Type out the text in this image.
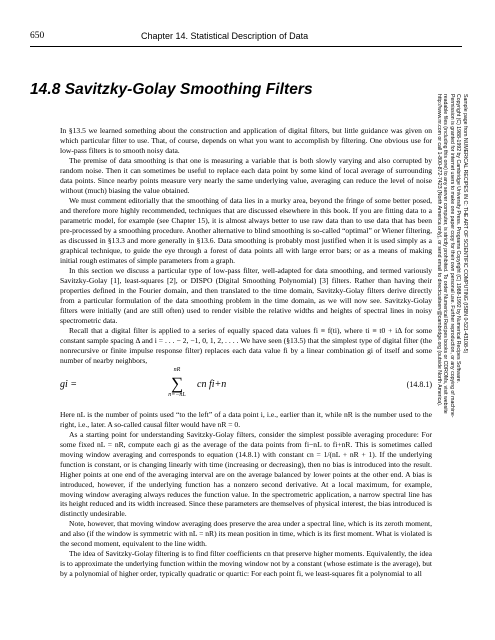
650	Chapter 14. Statistical Description of Data
14.8 Savitzky-Golay Smoothing Filters

In §13.5 we learned something about the construction and application of digital filters, but little guidance was given on which particular filter to use. That, of course, depends on what you want to accomplish by filtering. One obvious use for low-pass filters is to smooth noisy data.

The premise of data smoothing is that one is measuring a variable that is both slowly varying and also corrupted by random noise. Then it can sometimes be useful to replace each data point by some kind of local average of surrounding data points. Since nearby points measure very nearly the same underlying value, averaging can reduce the level of noise without (much) biasing the value obtained.

We must comment editorially that the smoothing of data lies in a murky area, beyond the fringe of some better posed, and therefore more highly recommended, techniques that are discussed elsewhere in this book. If you are fitting data to a parametric model, for example (see Chapter 15), it is almost always better to use raw data than to use data that has been pre-processed by a smoothing procedure. Another alternative to blind smoothing is so-called “optimal” or Wiener filtering, as discussed in §13.3 and more generally in §13.6. Data smoothing is probably most justified when it is used simply as a graphical technique, to guide the eye through a forest of data points all with large error bars; or as a means of making initial rough estimates of simple parameters from a graph.

In this section we discuss a particular type of low-pass filter, well-adapted for data smoothing, and termed variously Savitzky-Golay [1], least-squares [2], or DISPO (Digital Smoothing Polynomial) [3] filters. Rather than having their properties defined in the Fourier domain, and then translated to the time domain, Savitzky-Golay filters derive directly from a particular formulation of the data smoothing problem in the time domain, as we will now see. Savitzky-Golay filters were initially (and are still often) used to render visible the relative widths and heights of spectral lines in noisy spectrometric data.

Recall that a digital filter is applied to a series of equally spaced data values fi ≡ f(ti), where ti ≡ t0 + iΔ for some constant sample spacing Δ and i = . . . − 2, −1, 0, 1, 2, . . . . We have seen (§13.5) that the simplest type of digital filter (the nonrecursive or finite impulse response filter) replaces each data value fi by a linear combination gi of itself and some number of nearby neighbors,

gi =
nR
∑
n=−nL
cn fi+n	(14.8.1)

Here nL is the number of points used “to the left” of a data point i, i.e., earlier than it, while nR is the number used to the right, i.e., later. A so-called causal filter would have nR = 0.

As a starting point for understanding Savitzky-Golay filters, consider the simplest possible averaging procedure: For some fixed nL = nR, compute each gi as the average of the data points from fi−nL to fi+nR. This is sometimes called moving window averaging and corresponds to equation (14.8.1) with constant cn = 1/(nL + nR + 1). If the underlying function is constant, or is changing linearly with time (increasing or decreasing), then no bias is introduced into the result. Higher points at one end of the averaging interval are on the average balanced by lower points at the other end. A bias is introduced, however, if the underlying function has a nonzero second derivative. At a local maximum, for example, moving window averaging always reduces the function value. In the spectrometric application, a narrow spectral line has its height reduced and its width increased. Since these parameters are themselves of physical interest, the bias introduced is distinctly undesirable.

Note, however, that moving window averaging does preserve the area under a spectral line, which is its zeroth moment, and also (if the window is symmetric with nL = nR) its mean position in time, which is its first moment. What is violated is the second moment, equivalent to the line width.

The idea of Savitzky-Golay filtering is to find filter coefficients cn that preserve higher moments. Equivalently, the idea is to approximate the underlying function within the moving window not by a constant (whose estimate is the average), but by a polynomial of higher order, typically quadratic or quartic: For each point fi, we least-squares fit a polynomial to all

Sample page from NUMERICAL RECIPES IN C: THE ART OF SCIENTIFIC COMPUTING (ISBN 0-521-43108-5)
Copyright (C) 1988-1992 by Cambridge University Press. Programs Copyright (C) 1988-1992 by Numerical Recipes Software.
Permission is granted for internet users to make one paper copy for their own personal use. Further reproduction, or any copying of machine-
readable files (including this one) to any server computer, is strictly prohibited. To order Numerical Recipes books or CDROMs, visit website
http://www.nr.com or call 1-800-872-7423 (North America only), or send email to directcustserv@cambridge.org (outside North America).
